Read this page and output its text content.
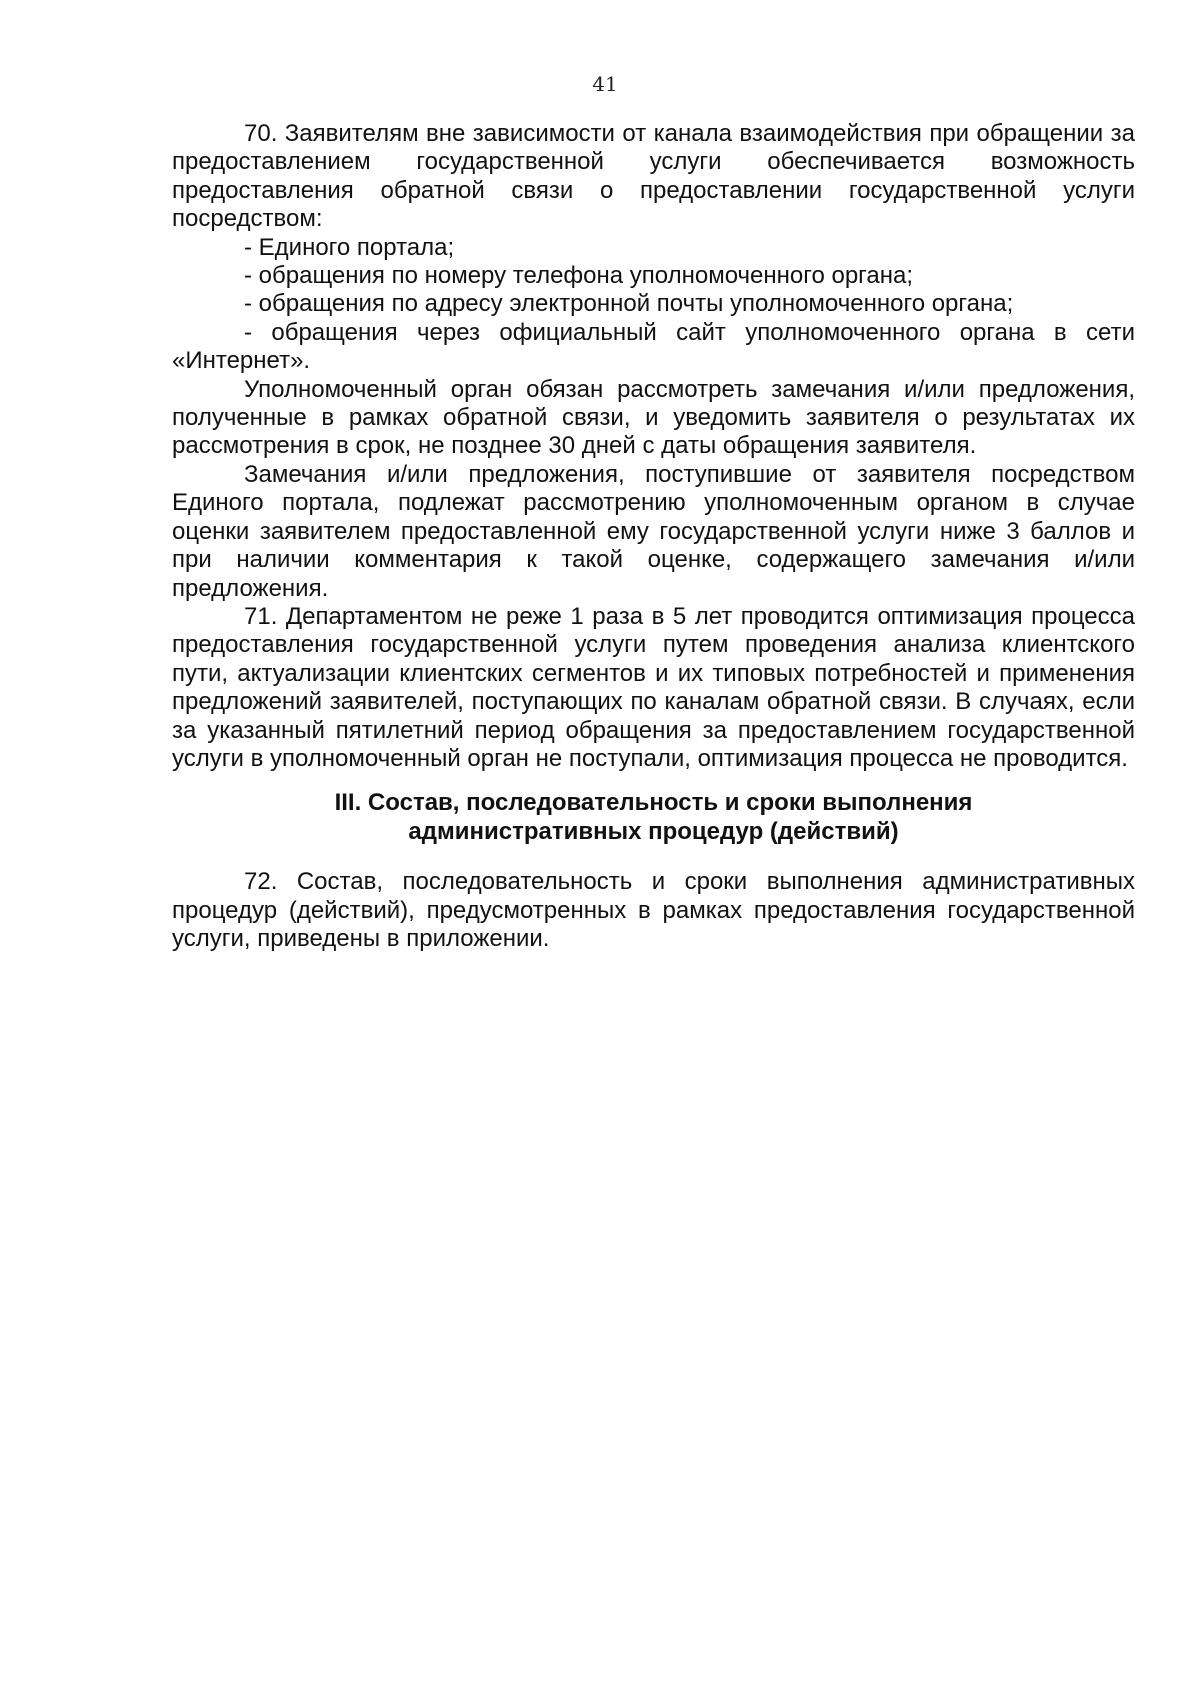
41

70. Заявителям вне зависимости от канала взаимодействия при обращении за предоставлением государственной услуги обеспечивается возможность предоставления обратной связи о предоставлении государственной услуги посредством:

- Единого портала;

- обращения по номеру телефона уполномоченного органа;

- обращения по адресу электронной почты уполномоченного органа;

- обращения через официальный сайт уполномоченного органа в сети «Интернет».

Уполномоченный орган обязан рассмотреть замечания и/или предложения, полученные в рамках обратной связи, и уведомить заявителя о результатах их рассмотрения в срок, не позднее 30 дней с даты обращения заявителя.

Замечания и/или предложения, поступившие от заявителя посредством Единого портала, подлежат рассмотрению уполномоченным органом в случае оценки заявителем предоставленной ему государственной услуги ниже 3 баллов и при наличии комментария к такой оценке, содержащего замечания и/или предложения.

71. Департаментом не реже 1 раза в 5 лет проводится оптимизация процесса предоставления государственной услуги путем проведения анализа клиентского пути, актуализации клиентских сегментов и их типовых потребностей и применения предложений заявителей, поступающих по каналам обратной связи. В случаях, если за указанный пятилетний период обращения за предоставлением государственной услуги в уполномоченный орган не поступали, оптимизация процесса не проводится.

III. Состав, последовательность и сроки выполнения
административных процедур (действий)

72. Состав, последовательность и сроки выполнения административных процедур (действий), предусмотренных в рамках предоставления государственной услуги, приведены в приложении.
